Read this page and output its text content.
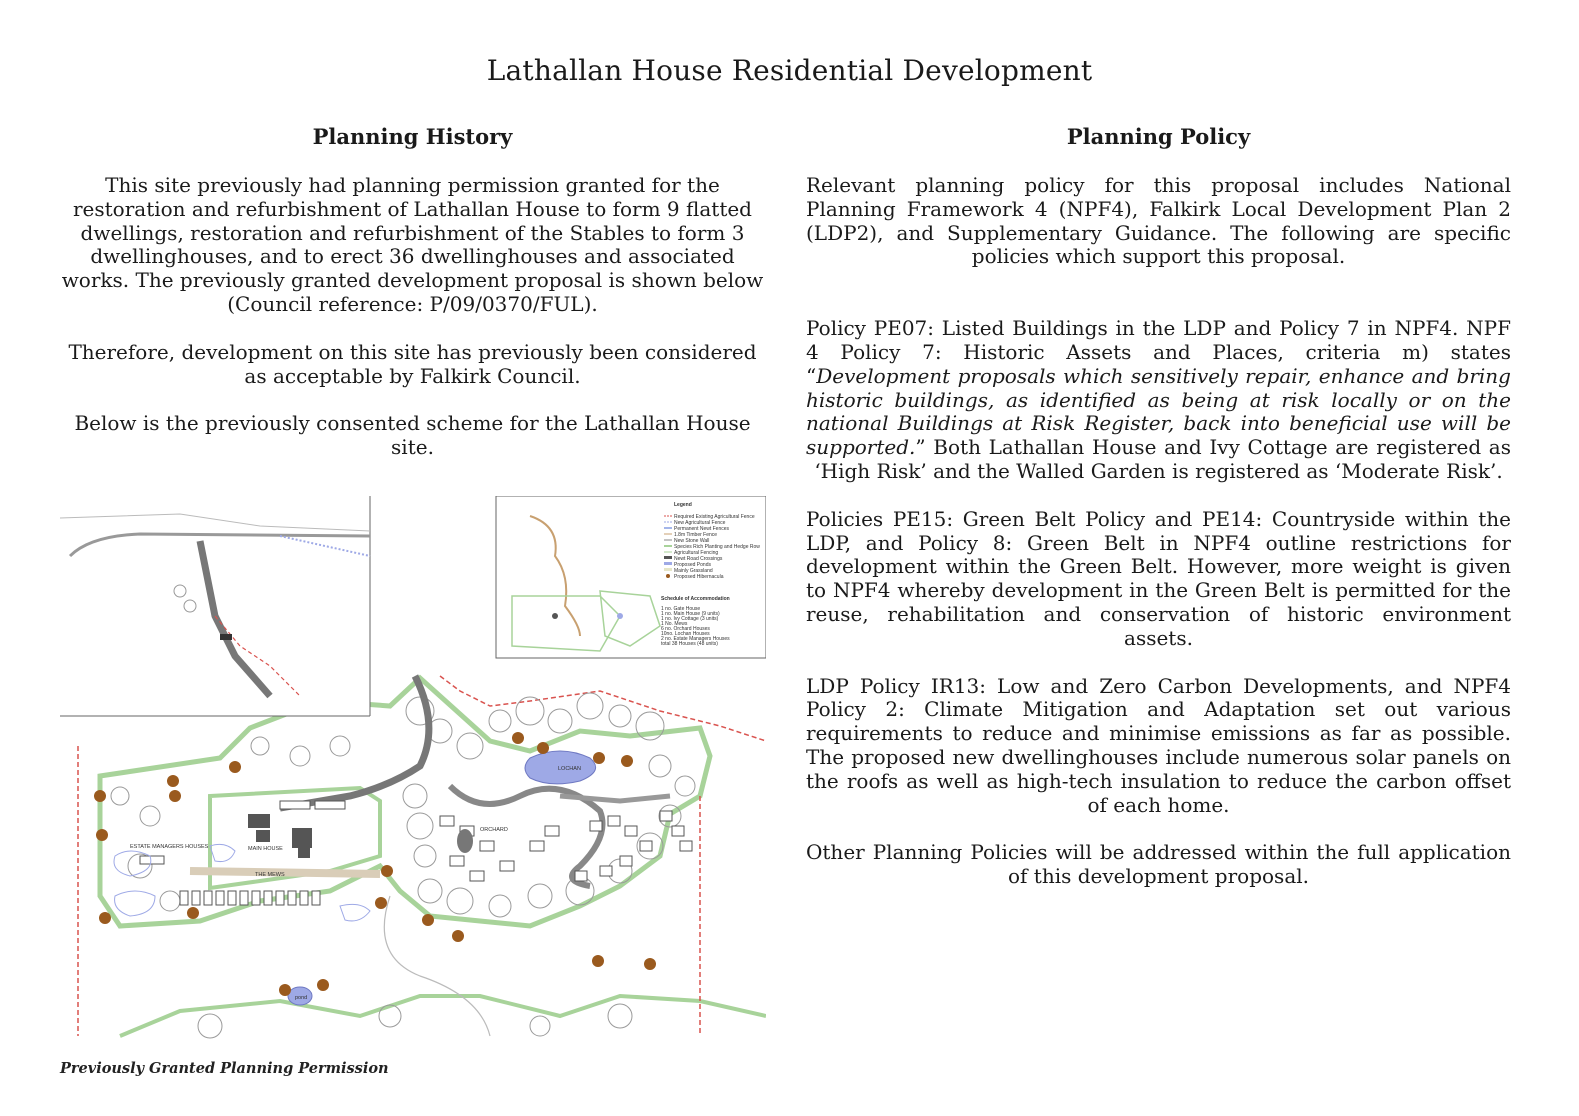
Lathallan House Residential Development
Planning History	Planning Policy

This site previously had planning permission granted for the restoration and refurbishment of Lathallan House to form 9 flatted dwellings, restoration and refurbishment of the Stables to form 3 dwellinghouses, and to erect 36 dwellinghouses and associated works. The previously granted development proposal is shown below (Council reference: P/09/0370/FUL).

Therefore, development on this site has previously been considered as acceptable by Falkirk Council.

Below is the previously consented scheme for the Lathallan House site.

Relevant planning policy for this proposal includes National Planning Framework 4 (NPF4), Falkirk Local Development Plan 2 (LDP2), and Supplementary Guidance. The following are specific policies which support this proposal.

Policy PE07: Listed Buildings in the LDP and Policy 7 in NPF4. NPF 4 Policy 7: Historic Assets and Places, criteria m) states “Development proposals which sensitively repair, enhance and bring historic buildings, as identified as being at risk locally or on the national Buildings at Risk Register, back into beneficial use will be supported.” Both Lathallan House and Ivy Cottage are registered as ‘High Risk’ and the Walled Garden is registered as ‘Moderate Risk’.

Policies PE15: Green Belt Policy and PE14: Countryside within the LDP, and Policy 8: Green Belt in NPF4 outline restrictions for development within the Green Belt. However, more weight is given to NPF4 whereby development in the Green Belt is permitted for the reuse, rehabilitation and conservation of historic environment assets.

LDP Policy IR13: Low and Zero Carbon Developments, and NPF4 Policy 2: Climate Mitigation and Adaptation set out various requirements to reduce and minimise emissions as far as possible. The proposed new dwellinghouses include numerous solar panels on the roofs as well as high-tech insulation to reduce the carbon offset of each home.

Other Planning Policies will be addressed within the full application of this development proposal.

MAIN HOUSE
THE MEWS
ORCHARD
LOCHAN
pond
ESTATE MANAGERS HOUSES
Legend
Required Existing Agricultural Fence
New Agricultural Fence
Permanent Newt Fences
1.8m Timber Fence
New Stone Wall
Species Rich Planting and Hedge Row
Agricultural Fencing
Newt Road Crossings
Proposed Ponds
Mainly Grassland
Proposed Hibernacula
Schedule of Accommodation
1 no. Gate House
1 no. Main House (9 units)
1 no. Ivy Cottage (3 units)
1 No. Mews
6 no. Orchard Houses
10no. Lochan Houses
2 no. Estate Managers Houses
total 38 Houses (48 units)
Previously Granted Planning Permission
